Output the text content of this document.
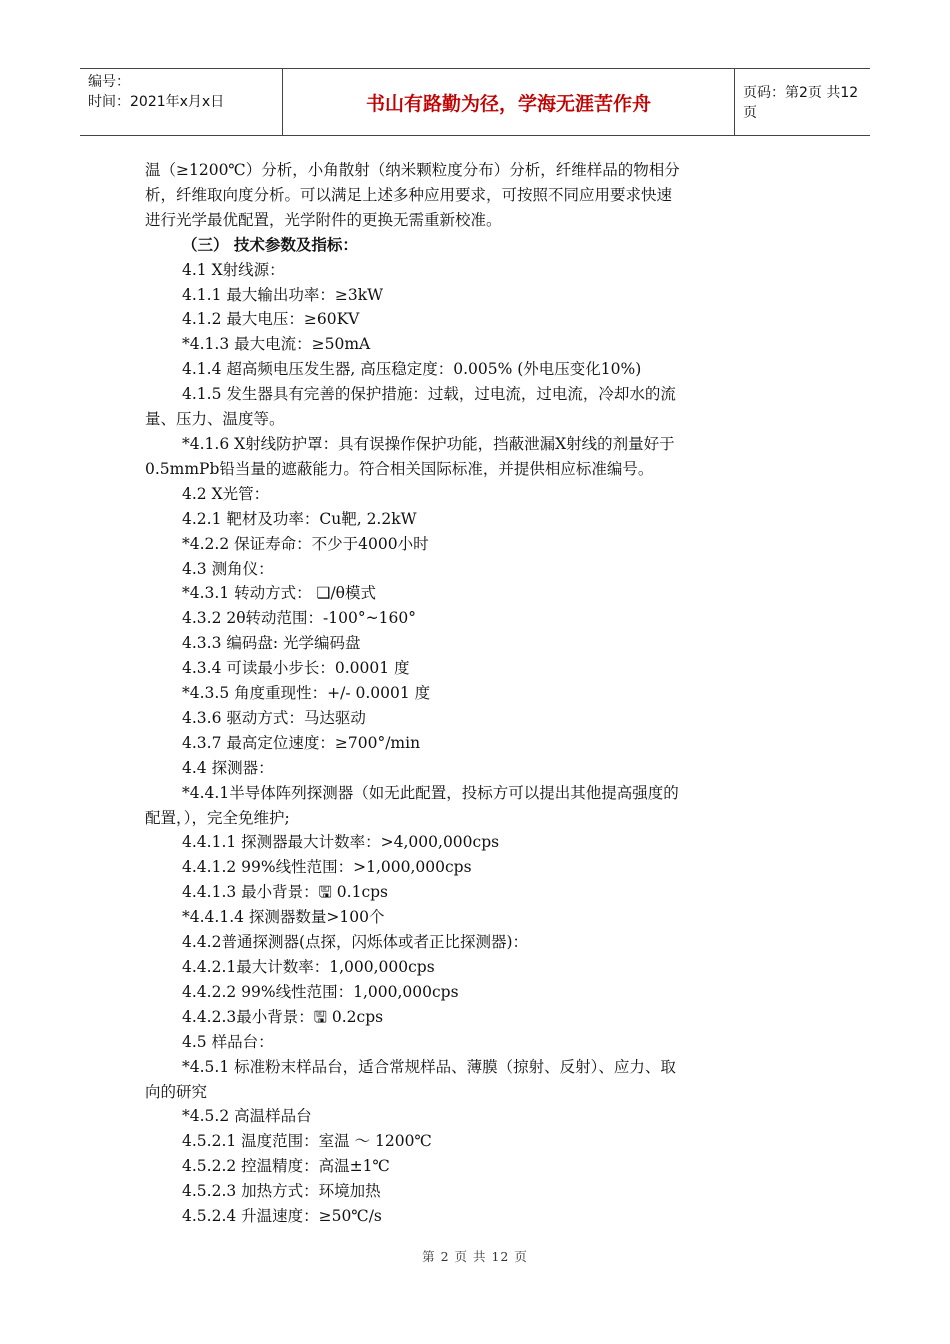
编号：
时间：2021年x月x日	书山有路勤为径，学海无涯苦作舟	页码：第2页 共12页
温（≥1200℃）分析，小角散射（纳米颗粒度分布）分析，纤维样品的物相分
析，纤维取向度分析。可以满足上述多种应用要求，可按照不同应用要求快速
进行光学最优配置，光学附件的更换无需重新校准。
（三） 技术参数及指标：
4.1 X射线源：
4.1.1 最大输出功率：≥3kW
4.1.2 最大电压：≥60KV
*4.1.3 最大电流：≥50mA
4.1.4 超高频电压发生器, 高压稳定度：0.005% (外电压变化10%)
4.1.5 发生器具有完善的保护措施：过载，过电流，过电流，冷却水的流
量、压力、温度等。
*4.1.6 X射线防护罩：具有误操作保护功能，挡蔽泄漏X射线的剂量好于
0.5mmPb铅当量的遮蔽能力。符合相关国际标准，并提供相应标准编号。
4.2 X光管：
4.2.1 靶材及功率：Cu靶, 2.2kW
*4.2.2 保证寿命：不少于4000小时
4.3 测角仪：
*4.3.1 转动方式： ❑/θ模式
4.3.2 2θ转动范围：-100°~160°
4.3.3 编码盘: 光学编码盘
4.3.4 可读最小步长：0.0001 度
*4.3.5 角度重现性：+/- 0.0001 度
4.3.6 驱动方式：马达驱动
4.3.7 最高定位速度：≥700°/min
4.4 探测器：
*4.4.1半导体阵列探测器（如无此配置，投标方可以提出其他提高强度的
配置，），完全免维护;
4.4.1.1 探测器最大计数率：>4,000,000cps
4.4.1.2 99%线性范围：>1,000,000cps
4.4.1.3 最小背景：🖫 0.1cps
*4.4.1.4 探测器数量>100个
4.4.2普通探测器(点探，闪烁体或者正比探测器)：
4.4.2.1最大计数率：1,000,000cps
4.4.2.2 99%线性范围：1,000,000cps
4.4.2.3最小背景：🖫 0.2cps
4.5 样品台：
*4.5.1 标准粉末样品台，适合常规样品、薄膜（掠射、反射）、应力、取
向的研究
*4.5.2 高温样品台
4.5.2.1 温度范围：室温 ～ 1200℃
4.5.2.2 控温精度：高温±1℃
4.5.2.3 加热方式：环境加热
4.5.2.4 升温速度：≥50℃/s
第 2 页 共 12 页
